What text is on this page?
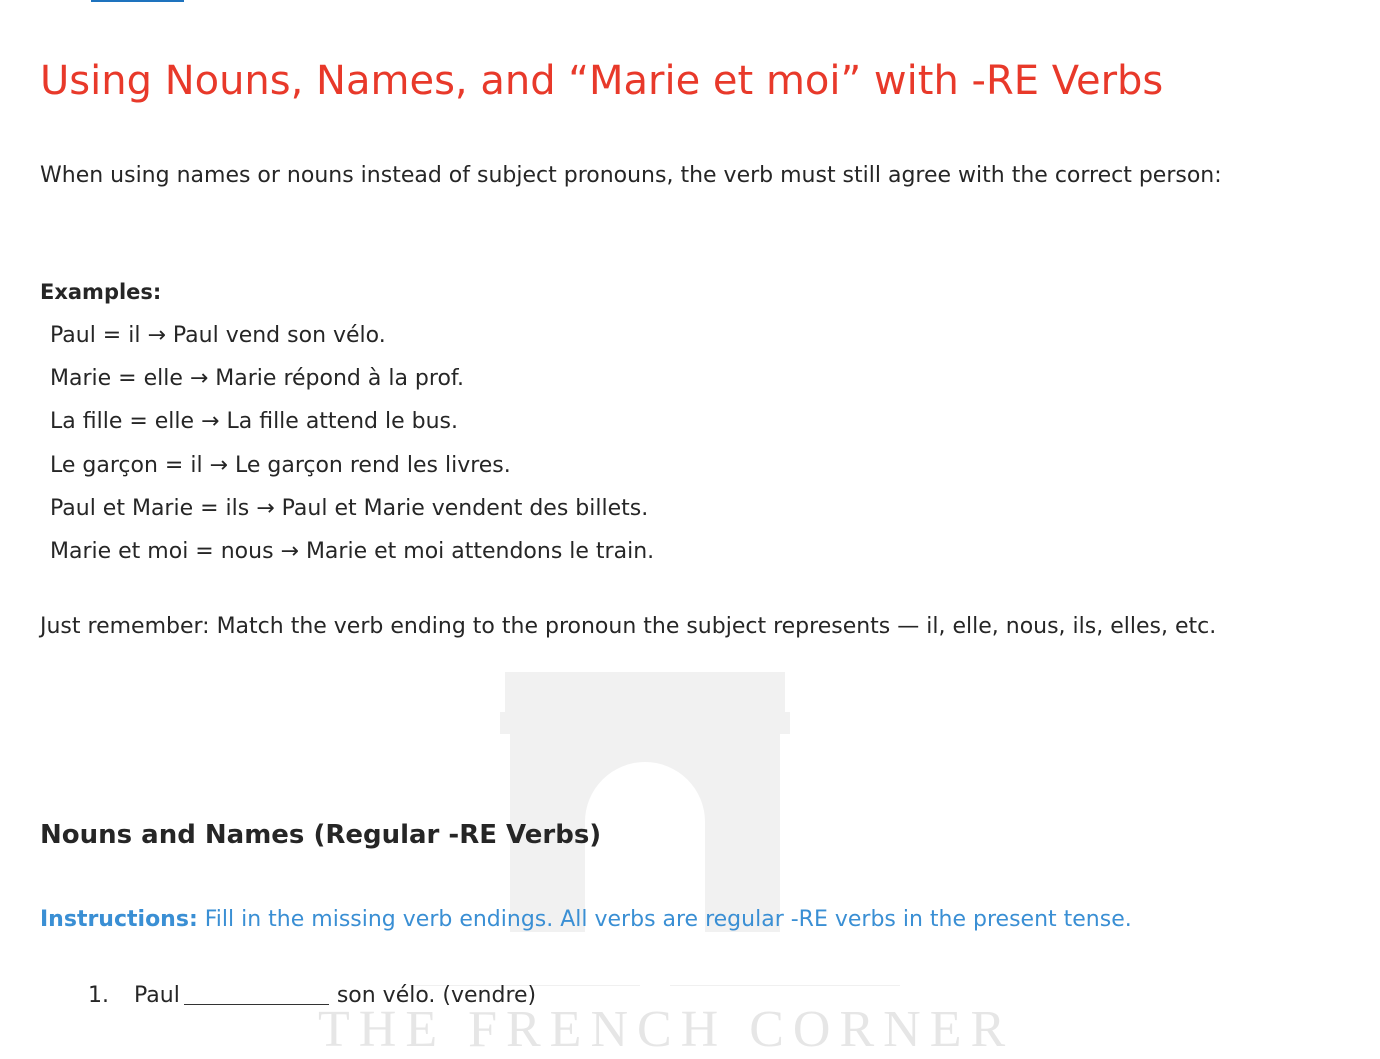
THE FRENCH CORNER
Using Nouns, Names, and “Marie et moi” with -RE Verbs

When using names or nouns instead of subject pronouns, the verb must still agree with the correct person:

Examples:

Paul = il → Paul vend son vélo.
Marie = elle → Marie répond à la prof.
La fille = elle → La fille attend le bus.
Le garçon = il → Le garçon rend les livres.
Paul et Marie = ils → Paul et Marie vendent des billets.
Marie et moi = nous → Marie et moi attendons le train.

Just remember: Match the verb ending to the pronoun the subject represents — il, elle, nous, ils, elles, etc.

Nouns and Names (Regular -RE Verbs)

Instructions: Fill in the missing verb endings. All verbs are regular -RE verbs in the present tense.

1. Paul	son vélo. (vendre)
